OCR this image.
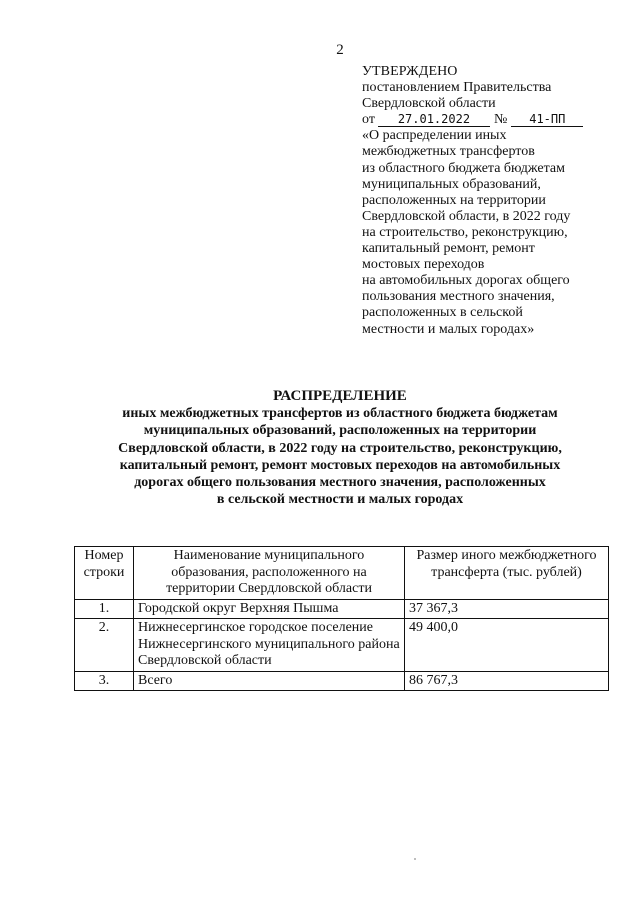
2
УТВЕРЖДЕНО
постановлением Правительства
Свердловской области
от 27.01.2022 № 41-ПП
«О распределении иных
межбюджетных трансфертов
из областного бюджета бюджетам
муниципальных образований,
расположенных на территории
Свердловской области, в 2022 году
на строительство, реконструкцию,
капитальный ремонт, ремонт
мостовых переходов
на автомобильных дорогах общего
пользования местного значения,
расположенных в сельской
местности и малых городах»
РАСПРЕДЕЛЕНИЕ
иных межбюджетных трансфертов из областного бюджета бюджетам
муниципальных образований, расположенных на территории
Свердловской области, в 2022 году на строительство, реконструкцию,
капитальный ремонт, ремонт мостовых переходов на автомобильных
дорогах общего пользования местного значения, расположенных
в сельской местности и малых городах
Номер строки	Наименование муниципального образования, расположенного на территории Свердловской области	Размер иного межбюджетного трансферта (тыс. рублей)
1.	Городской округ Верхняя Пышма	37 367,3
2.	Нижнесергинское городское поселение Нижнесергинского муниципального района Свердловской области	49 400,0
3.	Всего	86 767,3
